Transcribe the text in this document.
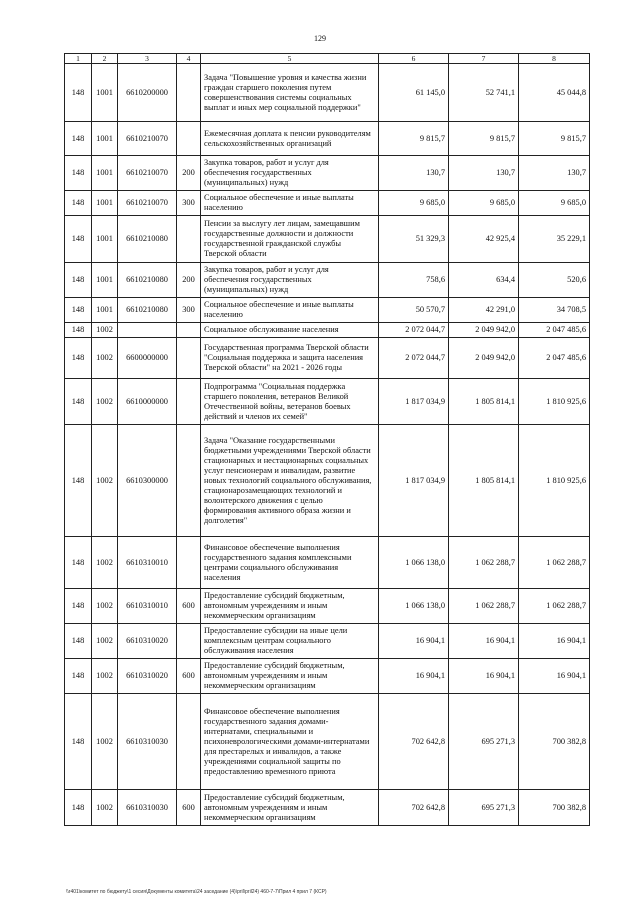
129
1	2	3	4	5	6	7	8
148	1001	6610200000		Задача "Повышение уровня и качества жизни граждан старшего поколения путем совершенствования системы социальных выплат и иных мер социальной поддержки"	61 145,0	52 741,1	45 044,8
148	1001	6610210070		Ежемесячная доплата к пенсии руководителям сельскохозяйственных организаций	9 815,7	9 815,7	9 815,7
148	1001	6610210070	200	Закупка товаров, работ и услуг для обеспечения государственных (муниципальных) нужд	130,7	130,7	130,7
148	1001	6610210070	300	Социальное обеспечение и иные выплаты населению	9 685,0	9 685,0	9 685,0
148	1001	6610210080		Пенсии за выслугу лет лицам, замещавшим государственные должности и должности государственной гражданской службы Тверской области	51 329,3	42 925,4	35 229,1
148	1001	6610210080	200	Закупка товаров, работ и услуг для обеспечения государственных (муниципальных) нужд	758,6	634,4	520,6
148	1001	6610210080	300	Социальное обеспечение и иные выплаты населению	50 570,7	42 291,0	34 708,5
148	1002			Социальное обслуживание населения	2 072 044,7	2 049 942,0	2 047 485,6
148	1002	6600000000		Государственная программа Тверской области "Социальная поддержка и защита населения Тверской области" на 2021 - 2026 годы	2 072 044,7	2 049 942,0	2 047 485,6
148	1002	6610000000		Подпрограмма "Социальная поддержка старшего поколения, ветеранов Великой Отечественной войны, ветеранов боевых действий и членов их семей"	1 817 034,9	1 805 814,1	1 810 925,6
148	1002	6610300000		Задача "Оказание государственными бюджетными учреждениями Тверской области стационарных и нестационарных социальных услуг пенсионерам и инвалидам, развитие новых технологий социального обслуживания, стационарозамещающих технологий и волонтерского движения с целью формирования активного образа жизни и долголетия"	1 817 034,9	1 805 814,1	1 810 925,6
148	1002	6610310010		Финансовое обеспечение выполнения государственного задания комплексными центрами социального обслуживания населения	1 066 138,0	1 062 288,7	1 062 288,7
148	1002	6610310010	600	Предоставление субсидий бюджетным, автономным учреждениям и иным некоммерческим организациям	1 066 138,0	1 062 288,7	1 062 288,7
148	1002	6610310020		Предоставление субсидии на иные цели комплексным центрам социального обслуживания населения	16 904,1	16 904,1	16 904,1
148	1002	6610310020	600	Предоставление субсидий бюджетным, автономным учреждениям и иным некоммерческим организациям	16 904,1	16 904,1	16 904,1
148	1002	6610310030		Финансовое обеспечение выполнения государственного задания домами-интернатами, специальными и психоневрологическими домами-интернатами для престарелых и инвалидов, а также учреждениями социальной защиты по предоставлению временного приюта	702 642,8	695 271,3	700 382,8
148	1002	6610310030	600	Предоставление субсидий бюджетным, автономным учреждениям и иным некоммерческим организациям	702 642,8	695 271,3	700 382,8
\\r401\комитет по бюджету\1 сесия\Документы комитета\24 заседание (4)\pril\pril24) 460-7-7\Прил 4 прил 7 (КСР)
